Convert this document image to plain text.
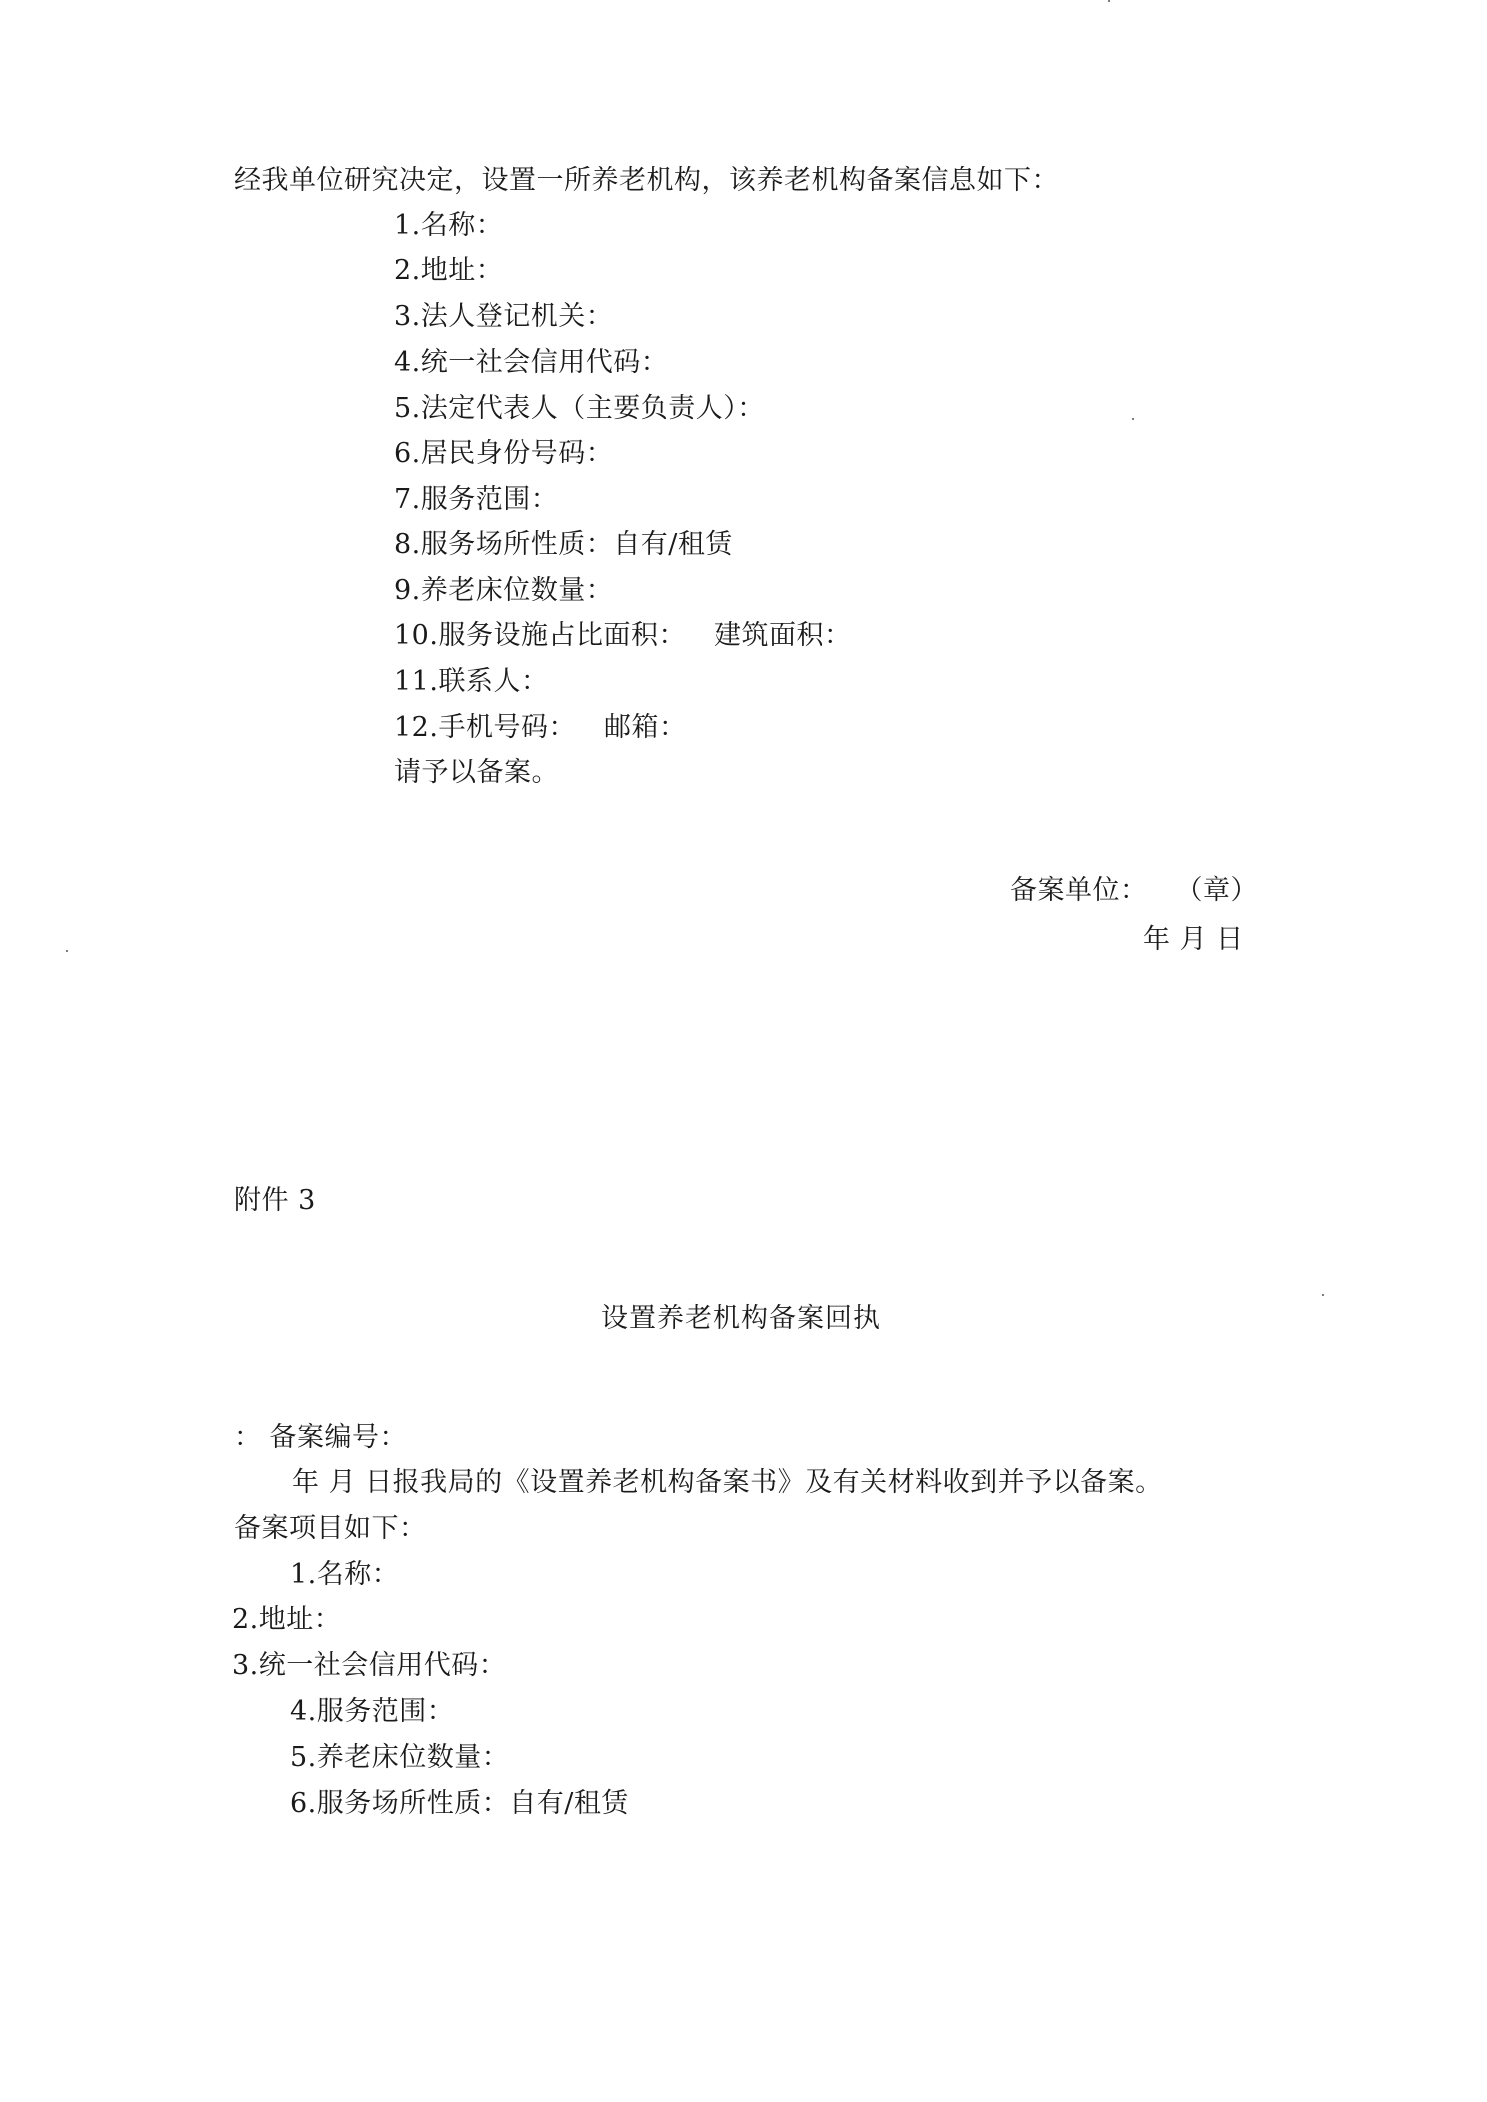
经我单位研究决定，设置一所养老机构，该养老机构备案信息如下：
1.名称：
2.地址：
3.法人登记机关：
4.统一社会信用代码：
5.法定代表人（主要负责人）：
6.居民身份号码：
7.服务范围：
8.服务场所性质：自有/租赁
9.养老床位数量：
10.服务设施占比面积： 建筑面积：
11.联系人：
12.手机号码： 邮箱：
请予以备案。
备案单位： （章）
年 月 日
附件 3
设置养老机构备案回执
： 备案编号：
年 月 日报我局的《设置养老机构备案书》及有关材料收到并予以备案。
备案项目如下：
1.名称：
2.地址：
3.统一社会信用代码：
4.服务范围：
5.养老床位数量：
6.服务场所性质：自有/租赁
